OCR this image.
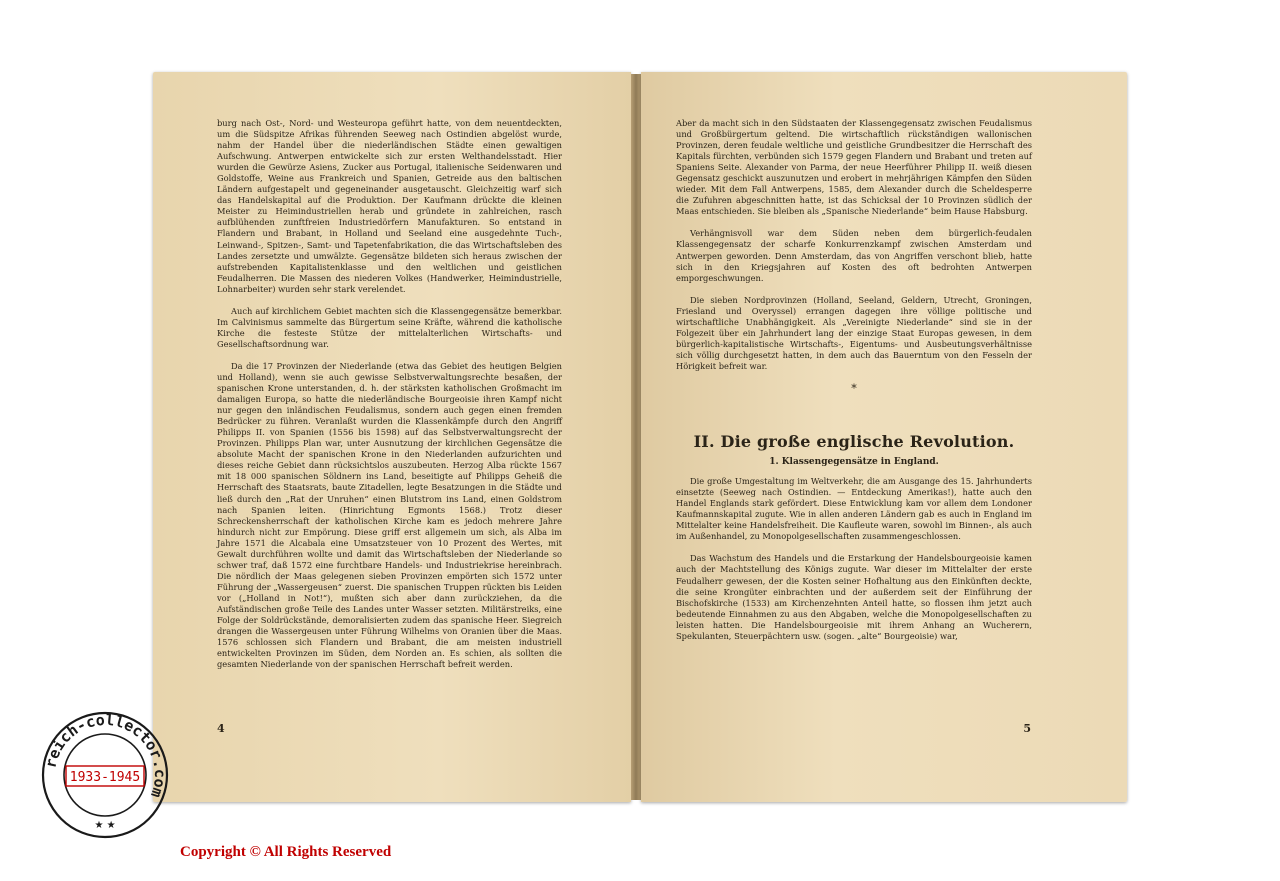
burg nach Ost-, Nord- und Westeuropa geführt hatte, von dem neuentdeckten, um die Südspitze Afrikas führenden Seeweg nach Ostindien abgelöst wurde, nahm der Handel über die niederländischen Städte einen gewaltigen Aufschwung. Antwerpen entwickelte sich zur ersten Welthandelsstadt. Hier wurden die Gewürze Asiens, Zucker aus Portugal, italienische Seidenwaren und Goldstoffe, Weine aus Frankreich und Spanien, Getreide aus den baltischen Ländern aufgestapelt und gegeneinander ausgetauscht. Gleichzeitig warf sich das Handelskapital auf die Produktion. Der Kaufmann drückte die kleinen Meister zu Heimindustriellen herab und gründete in zahlreichen, rasch aufblühenden zunftfreien Industriedörfern Manufakturen. So entstand in Flandern und Brabant, in Holland und Seeland eine ausgedehnte Tuch-, Leinwand-, Spitzen-, Samt- und Tapetenfabrikation, die das Wirtschaftsleben des Landes zersetzte und umwälzte. Gegensätze bildeten sich heraus zwischen der aufstrebenden Kapitalistenklasse und den weltlichen und geistlichen Feudalherren. Die Massen des niederen Volkes (Handwerker, Heimindustrielle, Lohnarbeiter) wurden sehr stark verelendet.

Auch auf kirchlichem Gebiet machten sich die Klassengegensätze bemerkbar. Im Calvinismus sammelte das Bürgertum seine Kräfte, während die katholische Kirche die festeste Stütze der mittelalterlichen Wirtschafts- und Gesellschaftsordnung war.

Da die 17 Provinzen der Niederlande (etwa das Gebiet des heutigen Belgien und Holland), wenn sie auch gewisse Selbstverwaltungsrechte besaßen, der spanischen Krone unterstanden, d. h. der stärksten katholischen Großmacht im damaligen Europa, so hatte die niederländische Bourgeoisie ihren Kampf nicht nur gegen den inländischen Feudalismus, sondern auch gegen einen fremden Bedrücker zu führen. Veranlaßt wurden die Klassenkämpfe durch den Angriff Philipps II. von Spanien (1556 bis 1598) auf das Selbstverwaltungsrecht der Provinzen. Philipps Plan war, unter Ausnutzung der kirchlichen Gegensätze die absolute Macht der spanischen Krone in den Niederlanden aufzurichten und dieses reiche Gebiet dann rücksichtslos auszubeuten. Herzog Alba rückte 1567 mit 18 000 spanischen Söldnern ins Land, beseitigte auf Philipps Geheiß die Herrschaft des Staatsrats, baute Zitadellen, legte Besatzungen in die Städte und ließ durch den „Rat der Unruhen“ einen Blutstrom ins Land, einen Goldstrom nach Spanien leiten. (Hinrichtung Egmonts 1568.) Trotz dieser Schreckensherrschaft der katholischen Kirche kam es jedoch mehrere Jahre hindurch nicht zur Empörung. Diese griff erst allgemein um sich, als Alba im Jahre 1571 die Alcabala eine Umsatzsteuer von 10 Prozent des Wertes, mit Gewalt durchführen wollte und damit das Wirtschaftsleben der Niederlande so schwer traf, daß 1572 eine furchtbare Handels- und Industriekrise hereinbrach. Die nördlich der Maas gelegenen sieben Provinzen empörten sich 1572 unter Führung der „Wassergeusen“ zuerst. Die spanischen Truppen rückten bis Leiden vor („Holland in Not!“), mußten sich aber dann zurückziehen, da die Aufständischen große Teile des Landes unter Wasser setzten. Militärstreiks, eine Folge der Soldrückstände, demoralisierten zudem das spanische Heer. Siegreich drangen die Wassergeusen unter Führung Wilhelms von Oranien über die Maas. 1576 schlossen sich Flandern und Brabant, die am meisten industriell entwickelten Provinzen im Süden, dem Norden an. Es schien, als sollten die gesamten Niederlande von der spanischen Herrschaft befreit werden.

4

Aber da macht sich in den Südstaaten der Klassengegensatz zwischen Feudalismus und Großbürgertum geltend. Die wirtschaftlich rückständigen wallonischen Provinzen, deren feudale weltliche und geistliche Grundbesitzer die Herrschaft des Kapitals fürchten, verbünden sich 1579 gegen Flandern und Brabant und treten auf Spaniens Seite. Alexander von Parma, der neue Heerführer Philipp II. weiß diesen Gegensatz geschickt auszunutzen und erobert in mehrjährigen Kämpfen den Süden wieder. Mit dem Fall Antwerpens, 1585, dem Alexander durch die Scheldesperre die Zufuhren abgeschnitten hatte, ist das Schicksal der 10 Provinzen südlich der Maas entschieden. Sie bleiben als „Spanische Niederlande“ beim Hause Habsburg.

Verhängnisvoll war dem Süden neben dem bürgerlich-feudalen Klassengegensatz der scharfe Konkurrenzkampf zwischen Amsterdam und Antwerpen geworden. Denn Amsterdam, das von Angriffen verschont blieb, hatte sich in den Kriegsjahren auf Kosten des oft bedrohten Antwerpen emporgeschwungen.

Die sieben Nordprovinzen (Holland, Seeland, Geldern, Utrecht, Groningen, Friesland und Overyssel) errangen dagegen ihre völlige politische und wirtschaftliche Unabhängigkeit. Als „Vereinigte Niederlande“ sind sie in der Folgezeit über ein Jahrhundert lang der einzige Staat Europas gewesen, in dem bürgerlich-kapitalistische Wirtschafts-, Eigentums- und Ausbeutungsverhältnisse sich völlig durchgesetzt hatten, in dem auch das Bauerntum von den Fesseln der Hörigkeit befreit war.

*
II. Die große englische Revolution.
1. Klassengegensätze in England.

Die große Umgestaltung im Weltverkehr, die am Ausgange des 15. Jahrhunderts einsetzte (Seeweg nach Ostindien. — Entdeckung Amerikas!), hatte auch den Handel Englands stark gefördert. Diese Entwicklung kam vor allem dem Londoner Kaufmannskapital zugute. Wie in allen anderen Ländern gab es auch in England im Mittelalter keine Handelsfreiheit. Die Kaufleute waren, sowohl im Binnen-, als auch im Außenhandel, zu Monopolgesellschaften zusammengeschlossen.

Das Wachstum des Handels und die Erstarkung der Handelsbourgeoisie kamen auch der Machtstellung des Königs zugute. War dieser im Mittelalter der erste Feudalherr gewesen, der die Kosten seiner Hofhaltung aus den Einkünften deckte, die seine Krongüter einbrachten und der außerdem seit der Einführung der Bischofskirche (1533) am Kirchenzehnten Anteil hatte, so flossen ihm jetzt auch bedeutende Einnahmen zu aus den Abgaben, welche die Monopolgesellschaften zu leisten hatten. Die Handelsbourgeoisie mit ihrem Anhang an Wucherern, Spekulanten, Steuerpächtern usw. (sogen. „alte“ Bourgeoisie) war,

5
reich-collector.com
1933-1945
★ ★
Copyright © All Rights Reserved
